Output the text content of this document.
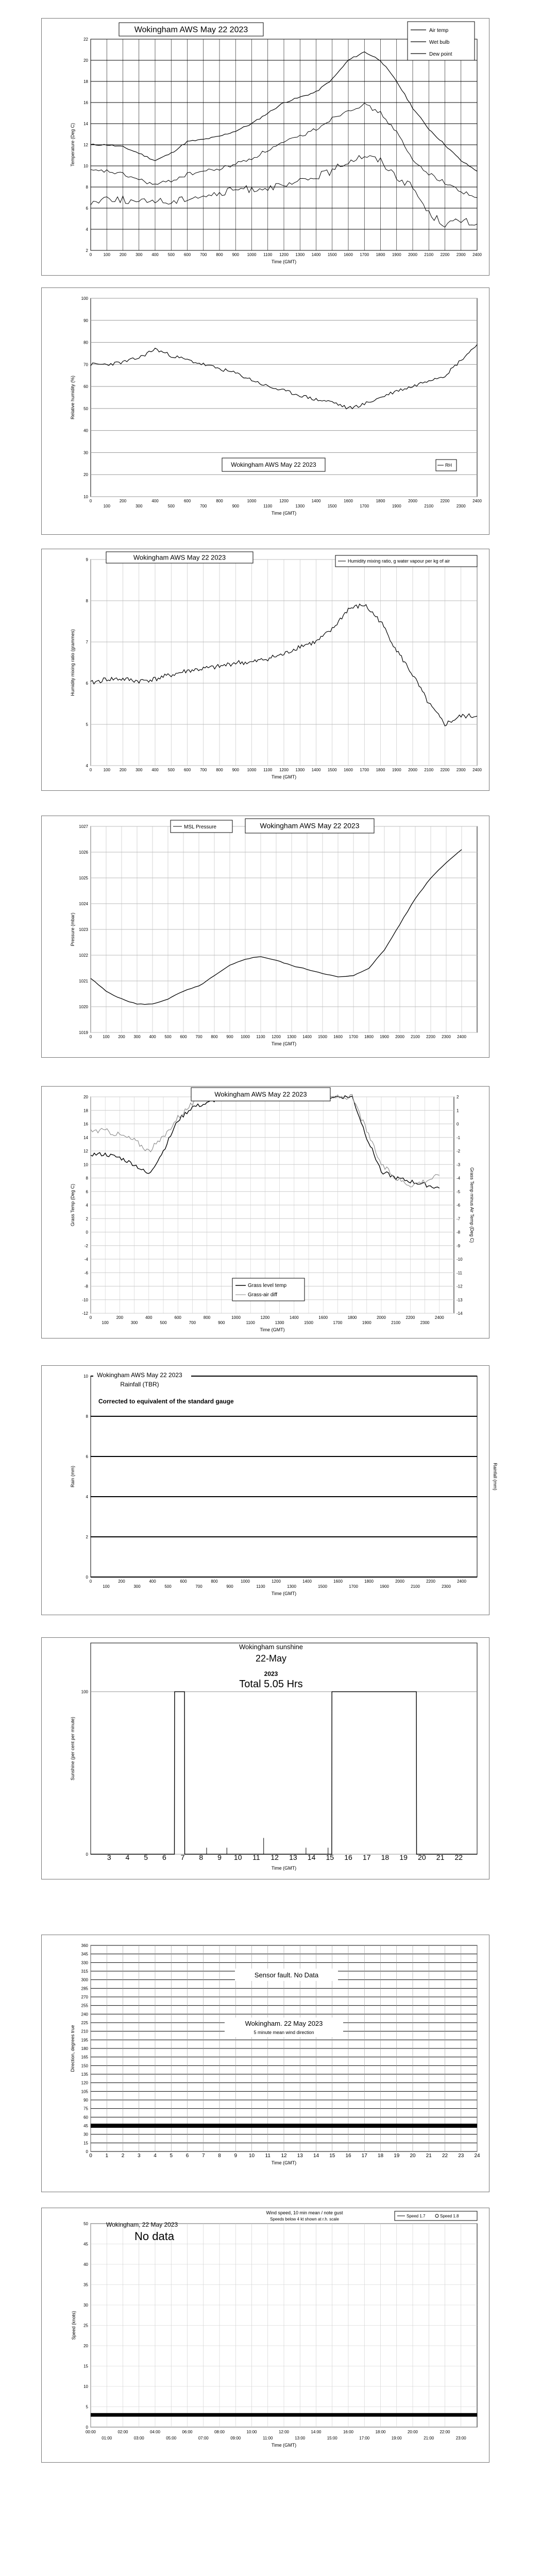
2
4
6
8
10
12
14
16
18
20
22
0	100 200 300 400 500 600 700 800 900 1000 1100 1200 1300 1400 1500 1600 1700 1800 1900 2000 2100 2200 2300 2400
Time (GMT)
Temperature (Deg C)
Wokingham AWS May 22 2023	Air temp
Wet bulb
Dew point
10
20
30
40
50
60
70
80
90
100
0
100
200
300
400
500
600
700
800
900
1000
1100
1200
1300
1400
1500
1600
1700
1800
1900
2000
2100
2200
2300
2400
Time (GMT)
Relative humidity (%)
Wokingham AWS May 22 2023	RH
4
5
6
7
8
9
0	100 200 300 400 500 600 700 800 900 1000 1100 1200 1300 1400 1500 1600 1700 1800 1900 2000 2100 2200 2300 2400
Time (GMT)
Humidity mixing ratio (grammes)
Wokingham AWS May 22 2023	Humidity mixing ratio, g water vapour per kg of air
1019
1020
1021
1022
1023
1024
1025
1026
1027
0	100 200 300 400 500 600 700 800 900 1000 1100 1200 1300 1400 1500 1600 1700 1800 1900 2000 2100 2200 2300 2400
Time (GMT)
Pressure (mbar)
MSL Pressure	Wokingham AWS May 22 2023
-12
-10
-8
-6
-4
-2
0
2
4
6
8
10
12
14
16
18
20
0
100
200
300
400
500
600
700
800
900
1000
1100
1200
1300
1400
1500
1600
1700
1800
1900
2000
2100
2200
2300
2400
Time (GMT)
Grass Temp (Deg C)	Grass Temp minus Air Temp (Deg C)
-14
-13
-12
-11
-10
-9
-8
-7
-6
-5
-4
-3
-2
-1
0
1
2
Wokingham AWS May 22 2023
Grass level temp
Grass-air diff
0
2
4
6
8
10
0
100
200
300
400
500
600
700
800
900
1000
1100
1200
1300
1400
1500
1600
1700
1800
1900
2000
2100
2200
2300
2400
Time (GMT)
Rain (mm)	Rainfall (mm)
Wokingham AWS May 22 2023
Rainfall (TBR)
Corrected to equivalent of the standard gauge
0
100
3 4 5 6 7 8 9 10 11 12 13 14 15 16 17 18 19 20 21 22
Time (GMT)
Sunshine (per cent per minute)
Wokingham sunshine
22-May
2023
Total 5.05 Hrs
0
15
30
45
60
75
90
105
120
135
150
165
180
195
210
225
240
255
270
285
300
315
330
345
360
0	1	2	3	4	5	6	7	8	9 10 11 12 13 14 15 16 17 18 19 20 21 22 23 24
Time (GMT)
Direction, degrees true
Sensor fault. No Data
Wokingham. 22 May 2023
5 minute mean wind direction
0
5
10
15
20
25
30
35
40
45
50
00:00
01:00
02:00
03:00
04:00
05:00
06:00
07:00
08:00
09:00
10:00
11:00
12:00
13:00
14:00
15:00
16:00
17:00
18:00
19:00
20:00
21:00
22:00
23:00
Time (GMT)
Speed (knots)
Wokingham, 22 May 2023
No data
Wind speed, 10 min mean / note gust
Speeds below 4 kt shown at r.h. scale
Speed 1.7	Speed 1.8
